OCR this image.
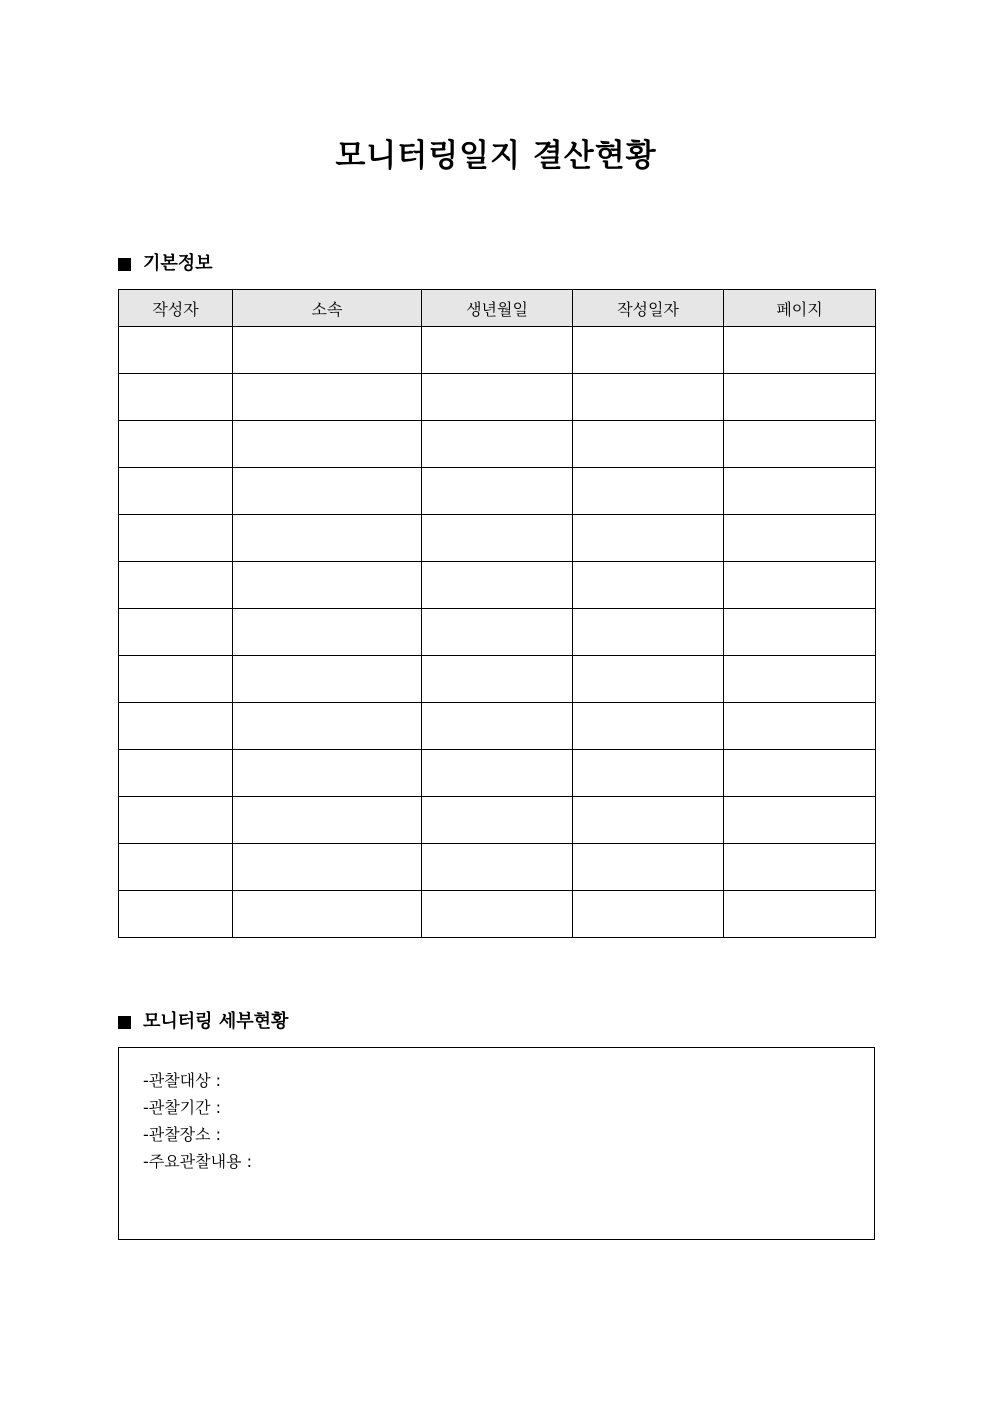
모니터링일지 결산현황
기본정보
작성자	소속	생년월일	작성일자	페이지

모니터링 세부현황
-관찰대상 :
-관찰기간 :
-관찰장소 :
-주요관찰내용 :
